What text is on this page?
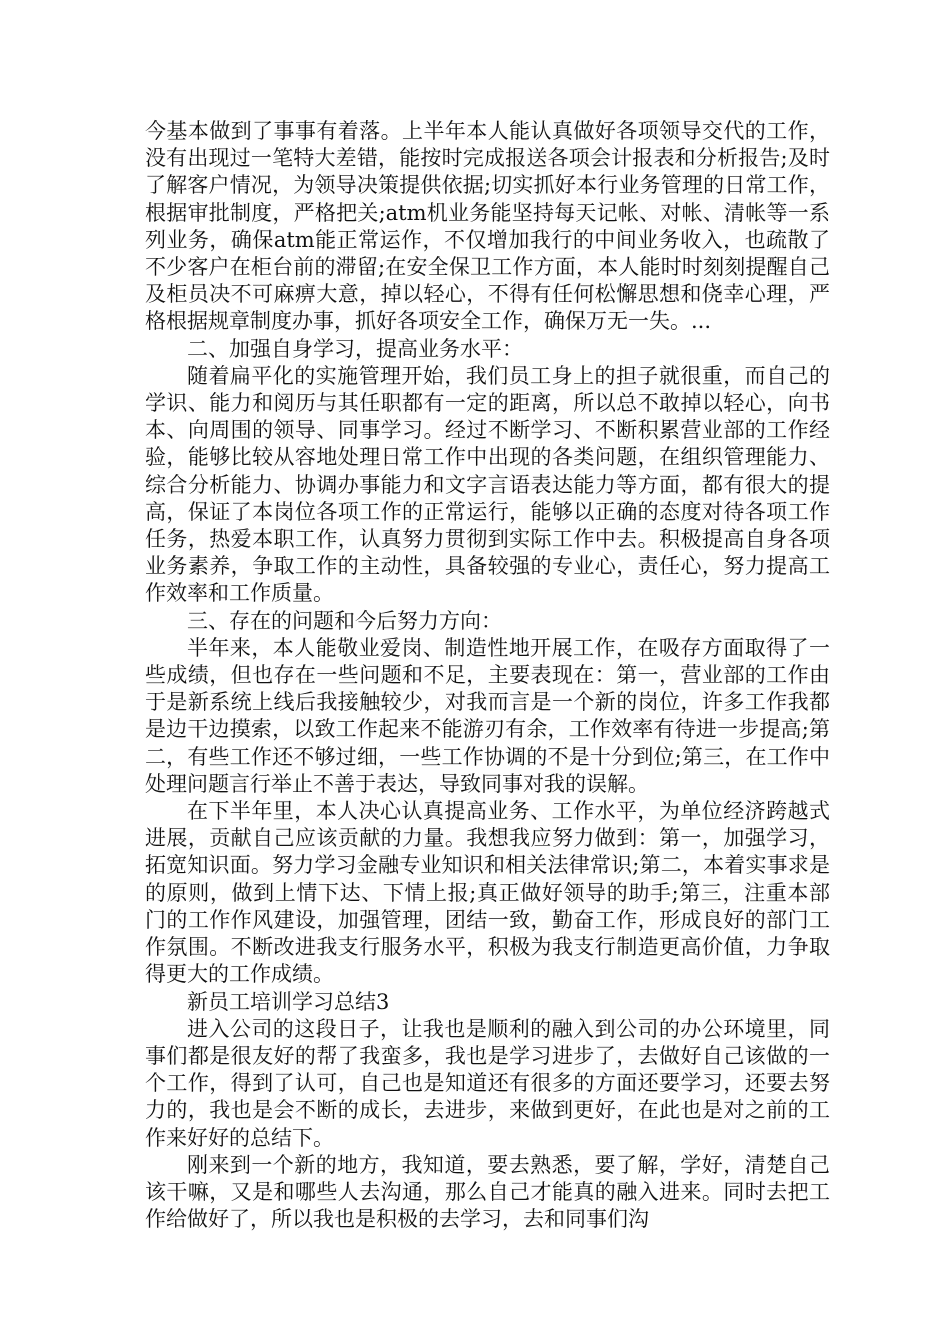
今基本做到了事事有着落。上半年本人能认真做好各项领导交代的工作，没有出现过一笔特大差错，能按时完成报送各项会计报表和分析报告;及时了解客户情况，为领导决策提供依据;切实抓好本行业务管理的日常工作，根据审批制度，严格把关;atm机业务能坚持每天记帐、对帐、清帐等一系列业务，确保atm能正常运作，不仅增加我行的中间业务收入，也疏散了不少客户在柜台前的滞留;在安全保卫工作方面，本人能时时刻刻提醒自己及柜员决不可麻痹大意，掉以轻心，不得有任何松懈思想和侥幸心理，严格根据规章制度办事，抓好各项安全工作，确保万无一失。...

二、加强自身学习，提高业务水平：

随着扁平化的实施管理开始，我们员工身上的担子就很重，而自己的学识、能力和阅历与其任职都有一定的距离，所以总不敢掉以轻心，向书本、向周围的领导、同事学习。经过不断学习、不断积累营业部的工作经验，能够比较从容地处理日常工作中出现的各类问题，在组织管理能力、综合分析能力、协调办事能力和文字言语表达能力等方面，都有很大的提高，保证了本岗位各项工作的正常运行，能够以正确的态度对待各项工作任务，热爱本职工作，认真努力贯彻到实际工作中去。积极提高自身各项业务素养，争取工作的主动性，具备较强的专业心，责任心，努力提高工作效率和工作质量。

三、存在的问题和今后努力方向：

半年来，本人能敬业爱岗、制造性地开展工作，在吸存方面取得了一些成绩，但也存在一些问题和不足，主要表现在：第一，营业部的工作由于是新系统上线后我接触较少，对我而言是一个新的岗位，许多工作我都是边干边摸索，以致工作起来不能游刃有余，工作效率有待进一步提高;第二，有些工作还不够过细，一些工作协调的不是十分到位;第三，在工作中处理问题言行举止不善于表达，导致同事对我的误解。

在下半年里，本人决心认真提高业务、工作水平，为单位经济跨越式进展，贡献自己应该贡献的力量。我想我应努力做到：第一，加强学习，拓宽知识面。努力学习金融专业知识和相关法律常识;第二，本着实事求是的原则，做到上情下达、下情上报;真正做好领导的助手;第三，注重本部门的工作作风建设，加强管理，团结一致，勤奋工作，形成良好的部门工作氛围。不断改进我支行服务水平，积极为我支行制造更高价值，力争取得更大的工作成绩。

新员工培训学习总结3

进入公司的这段日子，让我也是顺利的融入到公司的办公环境里，同事们都是很友好的帮了我蛮多，我也是学习进步了，去做好自己该做的一个工作，得到了认可，自己也是知道还有很多的方面还要学习，还要去努力的，我也是会不断的成长，去进步，来做到更好，在此也是对之前的工作来好好的总结下。

刚来到一个新的地方，我知道，要去熟悉，要了解，学好，清楚自己该干嘛，又是和哪些人去沟通，那么自己才能真的融入进来。同时去把工作给做好了，所以我也是积极的去学习，去和同事们沟
